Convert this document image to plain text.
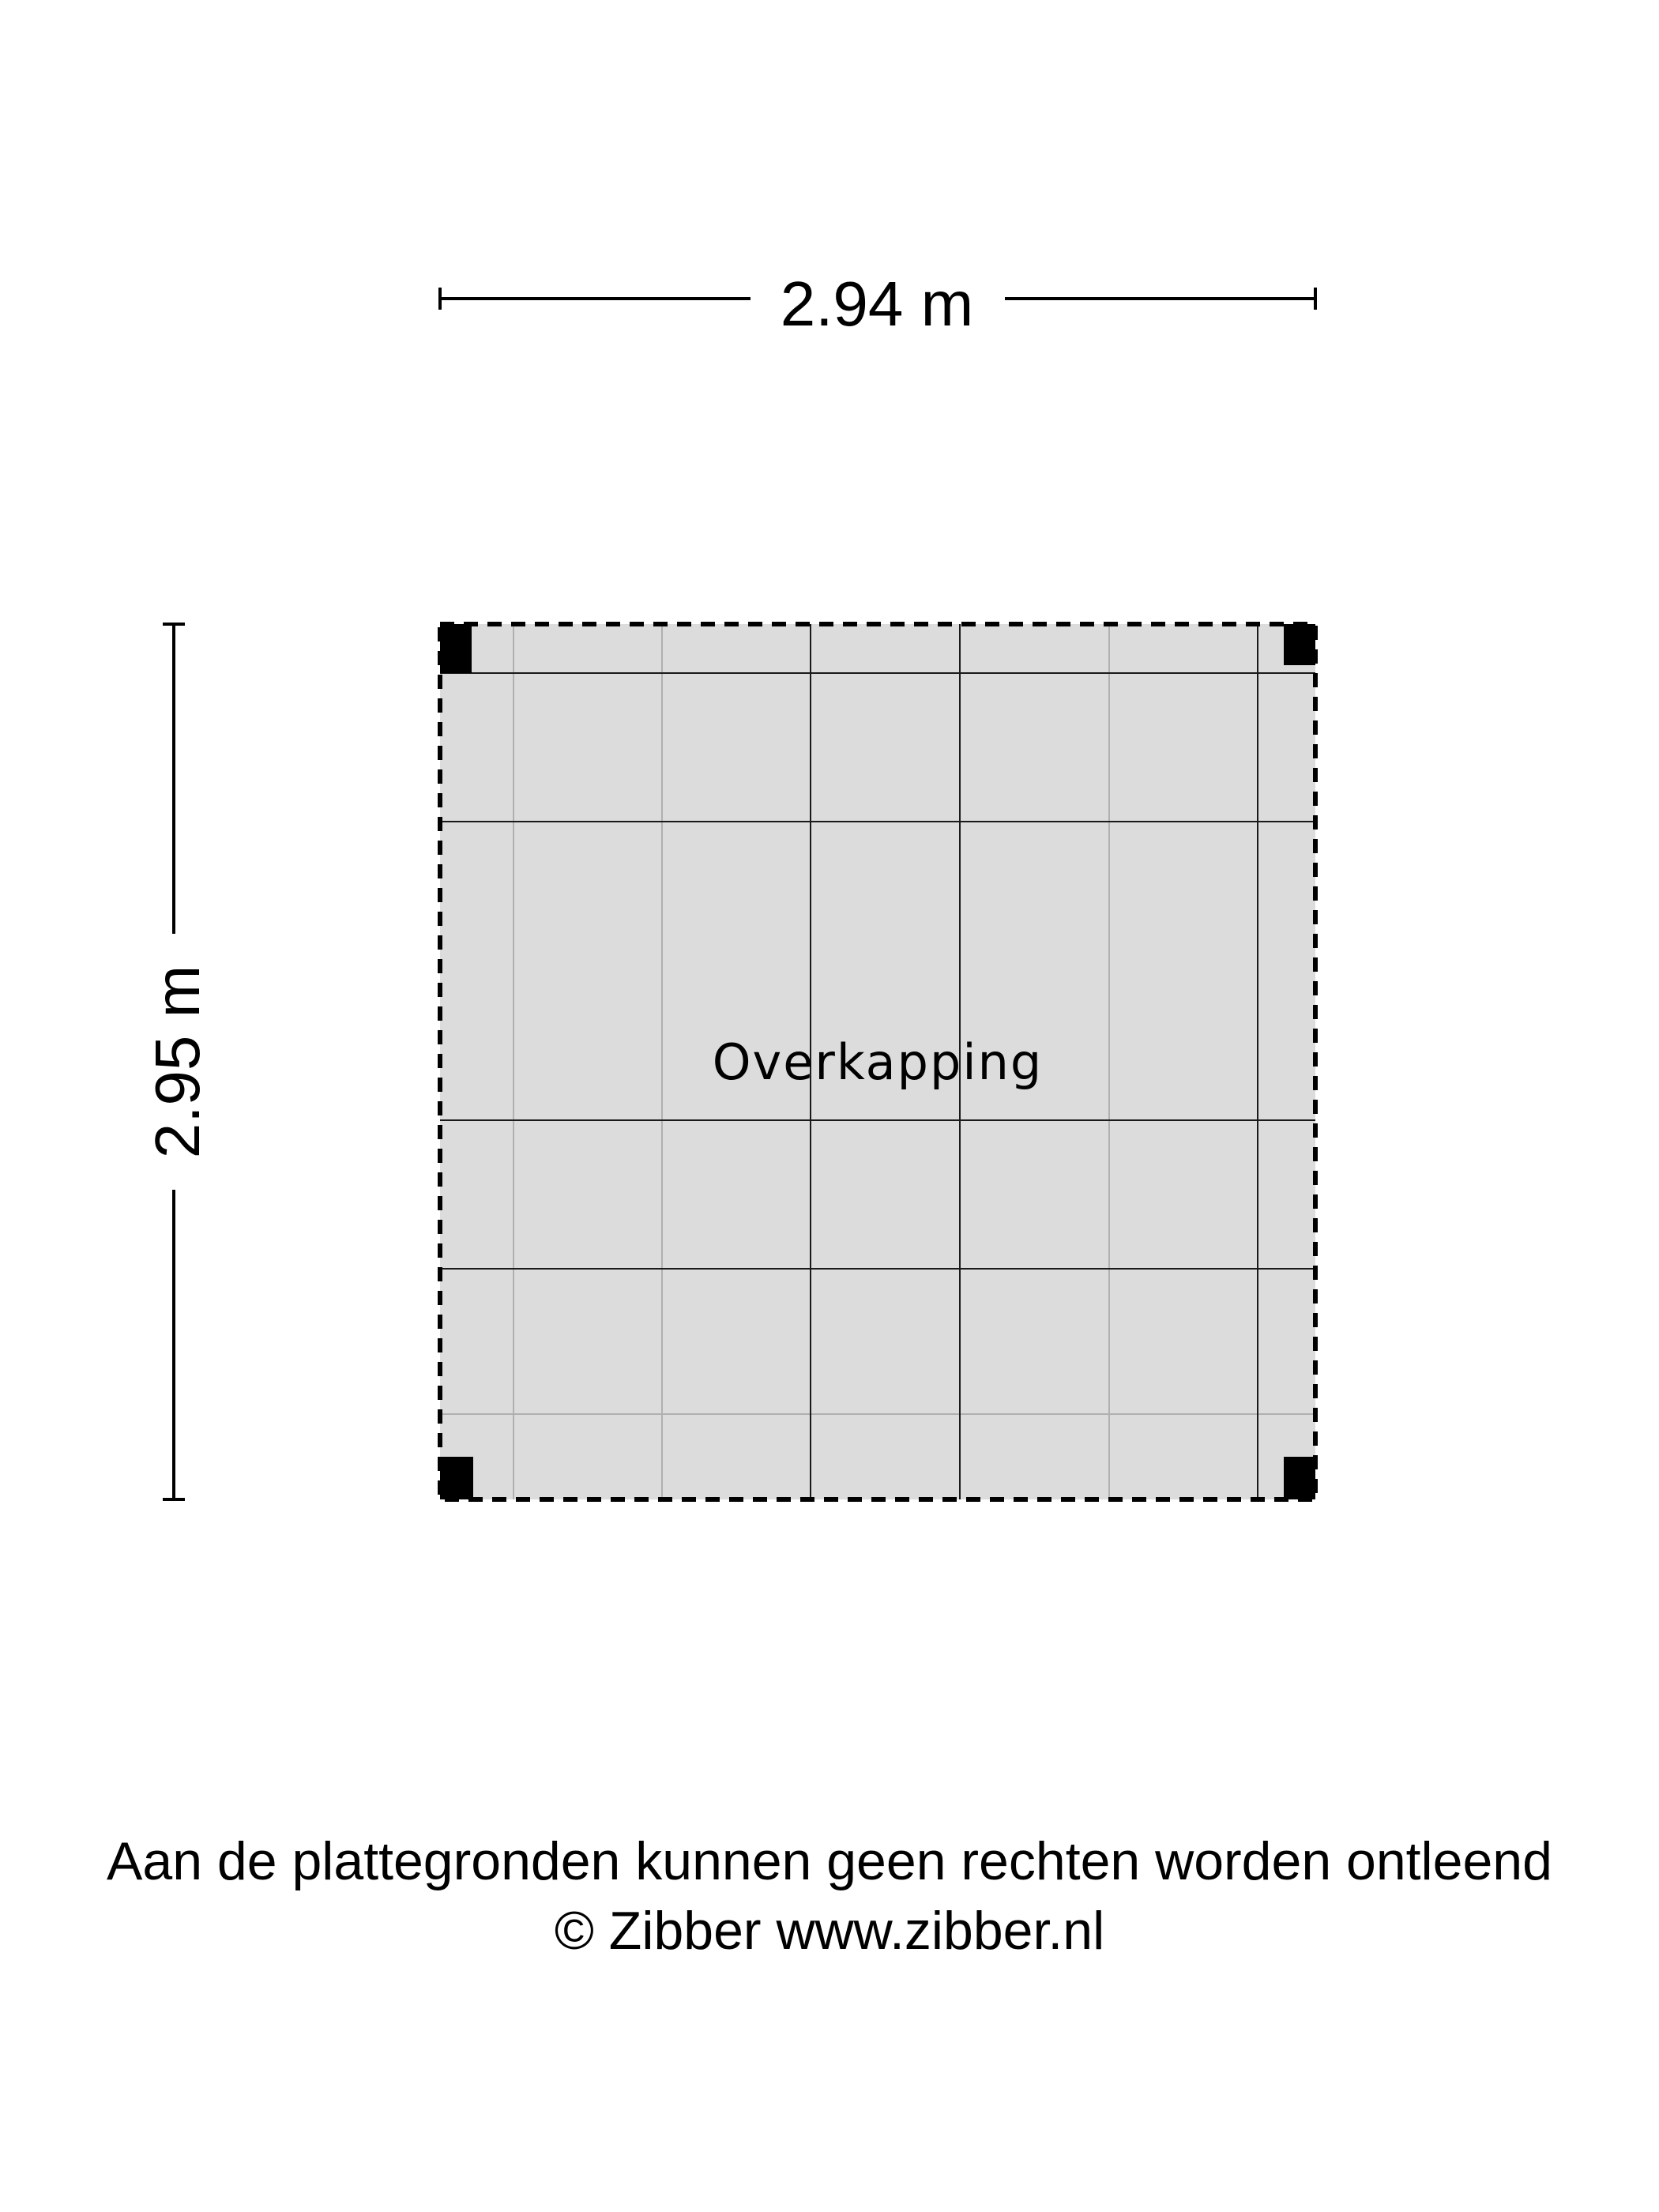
2.94 m
2.95 m	Overkapping
Aan de plattegronden kunnen geen rechten worden ontleend
© Zibber www.zibber.nl
